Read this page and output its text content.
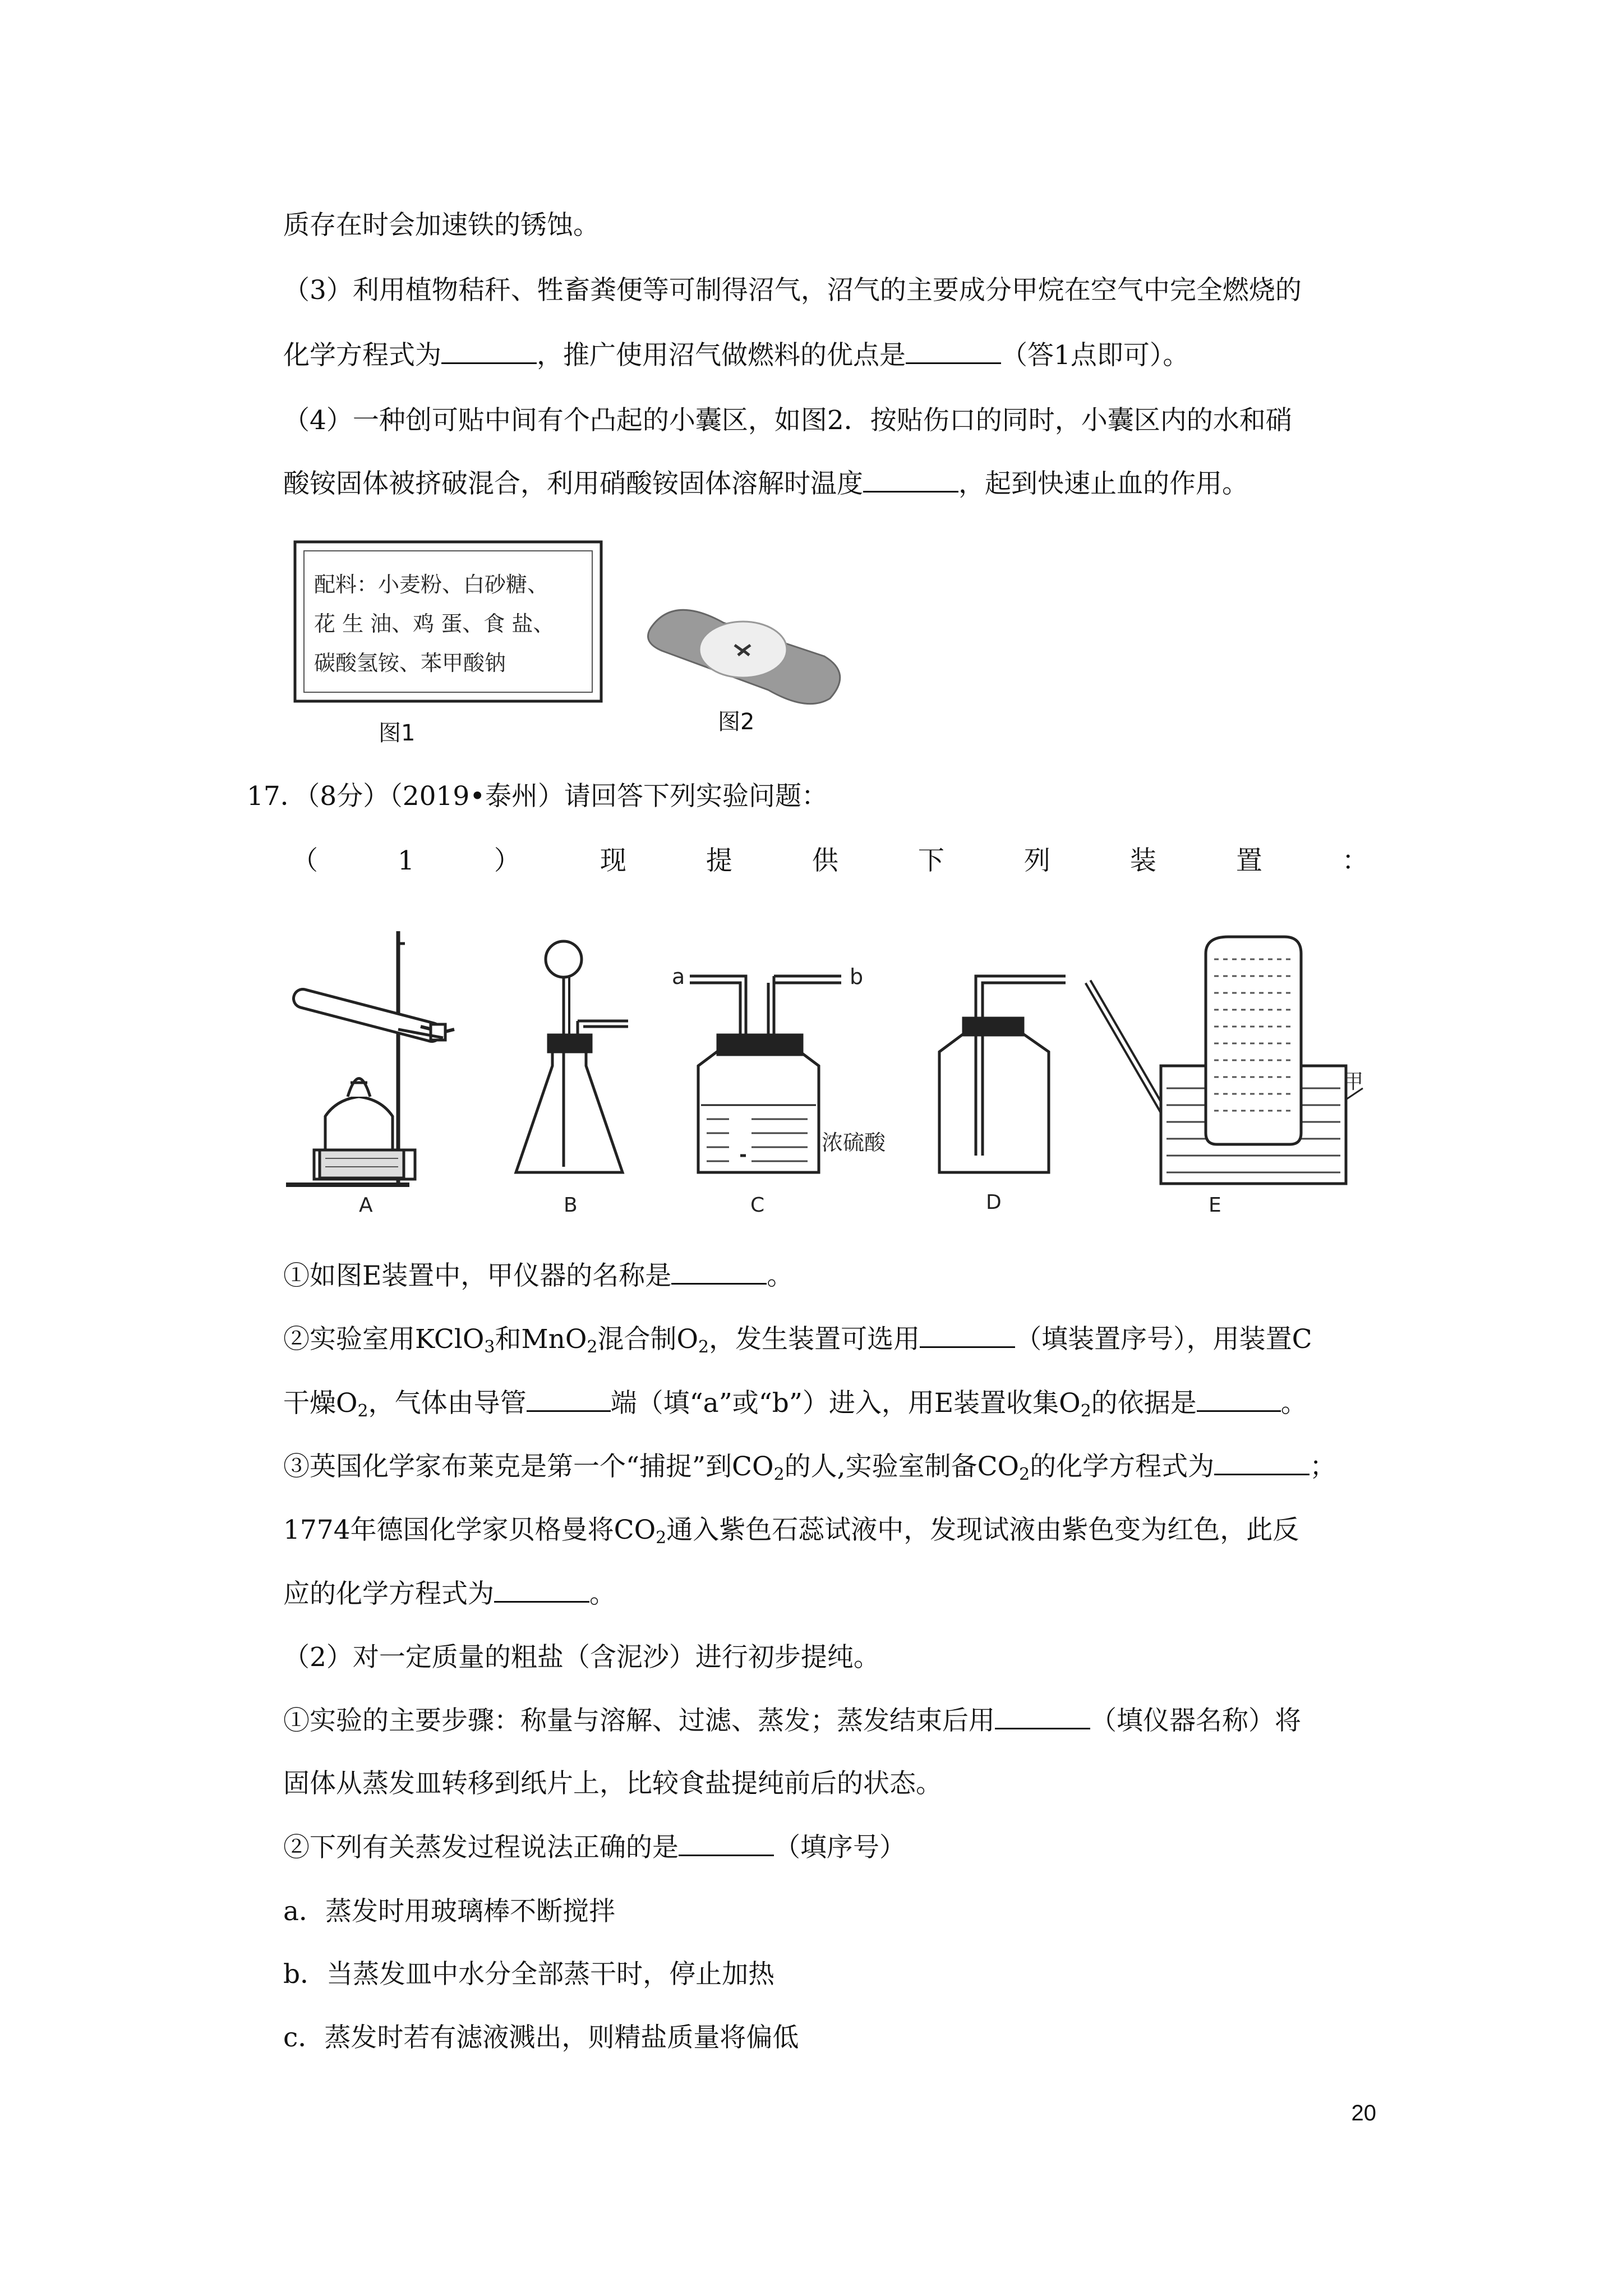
质存在时会加速铁的锈蚀。
（3）利用植物秸秆、牲畜粪便等可制得沼气，沼气的主要成分甲烷在空气中完全燃烧的
化学方程式为	，推广使用沼气做燃料的优点是	（答1点即可）。
（4）一种创可贴中间有个凸起的小囊区，如图2．按贴伤口的同时，小囊区内的水和硝
酸铵固体被挤破混合，利用硝酸铵固体溶解时温度	，起到快速止血的作用。
配料：小麦粉、白砂糖、
花 生 油、鸡 蛋、食 盐、
碳酸氢铵、苯甲酸钠
图1	图2
17．（8分）（2019•泰州）请回答下列实验问题：
（	1	）	现	提	供	下	列	装	置	：
a	b
浓硫酸
甲
A	B	C	D	E
①如图E装置中，甲仪器的名称是	。
②实验室用KClO$_3$和MnO$_2$混合制$O_2$，发生装置可选用	（填装置序号），用装置C
干燥$O_2$，气体由导管	端（填“a”或“b”）进入，用E装置收集$O_2$的依据是	。
③英国化学家布莱克是第一个“捕捉”到$CO_2$的人,实验室制备$CO_2$的化学方程式为	；
1774年德国化学家贝格曼将$CO_2$通入紫色石蕊试液中，发现试液由紫色变为红色，此反
应的化学方程式为	。
（2）对一定质量的粗盐（含泥沙）进行初步提纯。
①实验的主要步骤：称量与溶解、过滤、蒸发；蒸发结束后用	（填仪器名称）将
固体从蒸发皿转移到纸片上，比较食盐提纯前后的状态。
②下列有关蒸发过程说法正确的是	（填序号）
a．蒸发时用玻璃棒不断搅拌
b．当蒸发皿中水分全部蒸干时，停止加热
c．蒸发时若有滤液溅出，则精盐质量将偏低
20
